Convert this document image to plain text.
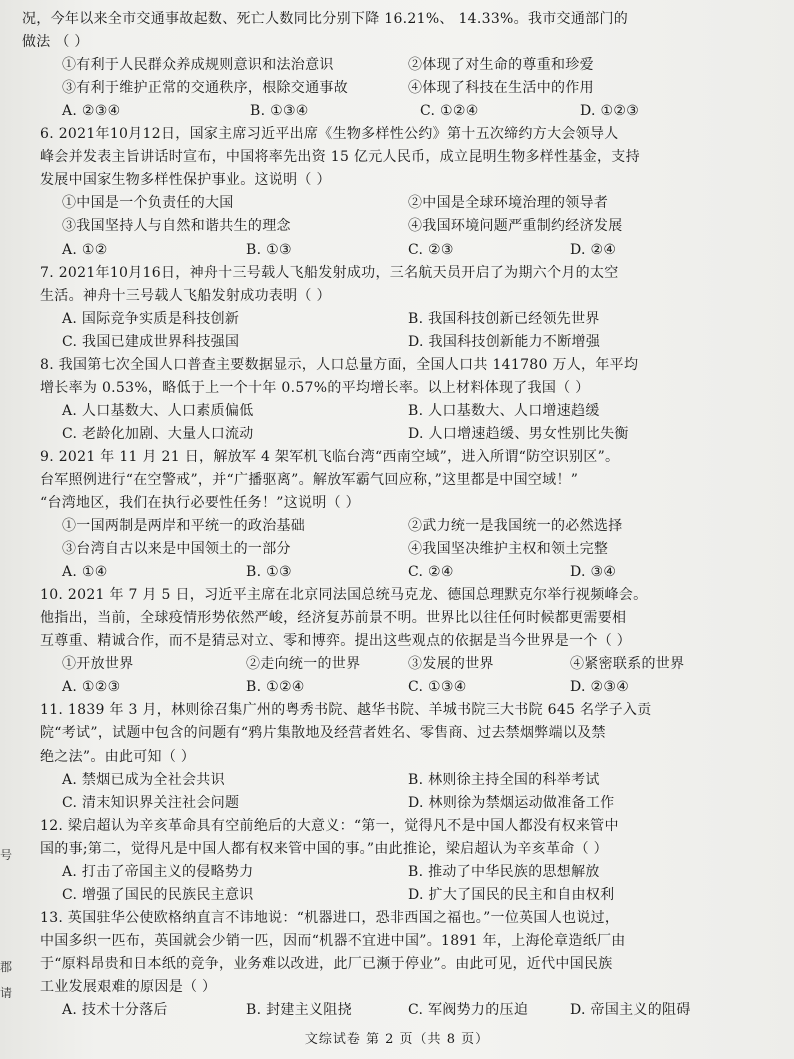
况，今年以来全市交通事故起数、死亡人数同比分别下降 16.21%、 14.33%。我市交通部门的
做法 （ ）
①有利于人民群众养成规则意识和法治意识	②体现了对生命的尊重和珍爱
③有利于维护正常的交通秩序，根除交通事故	④体现了科技在生活中的作用
A. ②③④	B. ①③④	C. ①②④	D. ①②③
6. 2021年10月12日，国家主席习近平出席《生物多样性公约》第十五次缔约方大会领导人
峰会并发表主旨讲话时宣布，中国将率先出资 15 亿元人民币，成立昆明生物多样性基金，支持
发展中国家生物多样性保护事业。这说明（ ）
①中国是一个负责任的大国	②中国是全球环境治理的领导者
③我国坚持人与自然和谐共生的理念	④我国环境问题严重制约经济发展
A. ①②	B. ①③	C. ②③	D. ②④
7. 2021年10月16日，神舟十三号载人飞船发射成功，三名航天员开启了为期六个月的太空
生活。神舟十三号载人飞船发射成功表明（ ）
A. 国际竞争实质是科技创新	B. 我国科技创新已经领先世界
C. 我国已建成世界科技强国	D. 我国科技创新能力不断增强
8. 我国第七次全国人口普查主要数据显示，人口总量方面，全国人口共 141780 万人，年平均
增长率为 0.53%，略低于上一个十年 0.57%的平均增长率。以上材料体现了我国（ ）
A. 人口基数大、人口素质偏低	B. 人口基数大、人口增速趋缓
C. 老龄化加剧、大量人口流动	D. 人口增速趋缓、男女性别比失衡
9. 2021 年 11 月 21 日，解放军 4 架军机飞临台湾“西南空域”，进入所谓“防空识别区”。
台军照例进行“在空警戒”，并“广播驱离”。解放军霸气回应称，”这里都是中国空域！”
“台湾地区，我们在执行必要性任务！”这说明（ ）
①一国两制是两岸和平统一的政治基础	②武力统一是我国统一的必然选择
③台湾自古以来是中国领土的一部分	④我国坚决维护主权和领土完整
A. ①④	B. ①③	C. ②④	D. ③④
10. 2021 年 7 月 5 日，习近平主席在北京同法国总统马克龙、德国总理默克尔举行视频峰会。
他指出，当前，全球疫情形势依然严峻，经济复苏前景不明。世界比以往任何时候都更需要相
互尊重、精诚合作，而不是猜忌对立、零和博弈。提出这些观点的依据是当今世界是一个（ ）
①开放世界	②走向统一的世界	③发展的世界	④紧密联系的世界
A. ①②③	B. ①②④	C. ①③④	D. ②③④
11. 1839 年 3 月，林则徐召集广州的粤秀书院、越华书院、羊城书院三大书院 645 名学子入贡
院“考试”，试题中包含的问题有“鸦片集散地及经营者姓名、零售商、过去禁烟弊端以及禁
绝之法”。由此可知（ ）
A. 禁烟已成为全社会共识	B. 林则徐主持全国的科举考试
C. 清末知识界关注社会问题	D. 林则徐为禁烟运动做准备工作
12. 梁启超认为辛亥革命具有空前绝后的大意义：“第一，觉得凡不是中国人都没有权来管中
国的事;第二，觉得凡是中国人都有权来管中国的事。”由此推论，梁启超认为辛亥革命（ ）
A. 打击了帝国主义的侵略势力	B. 推动了中华民族的思想解放
C. 增强了国民的民族民主意识	D. 扩大了国民的民主和自由权利
号
郡
请
文综试卷 第 2 页（共 8 页）
13. 英国驻华公使欧格纳直言不讳地说：“机器进口，恐非西国之福也。”一位英国人也说过，
中国多织一匹布，英国就会少销一匹，因而“机器不宜进中国”。1891 年，上海伦章造纸厂由
于“原料昂贵和日本纸的竞争，业务难以改进，此厂已濒于停业”。由此可见，近代中国民族
工业发展艰难的原因是（ ）
A. 技术十分落后	B. 封建主义阻挠	C. 军阀势力的压迫	D. 帝国主义的阻碍
